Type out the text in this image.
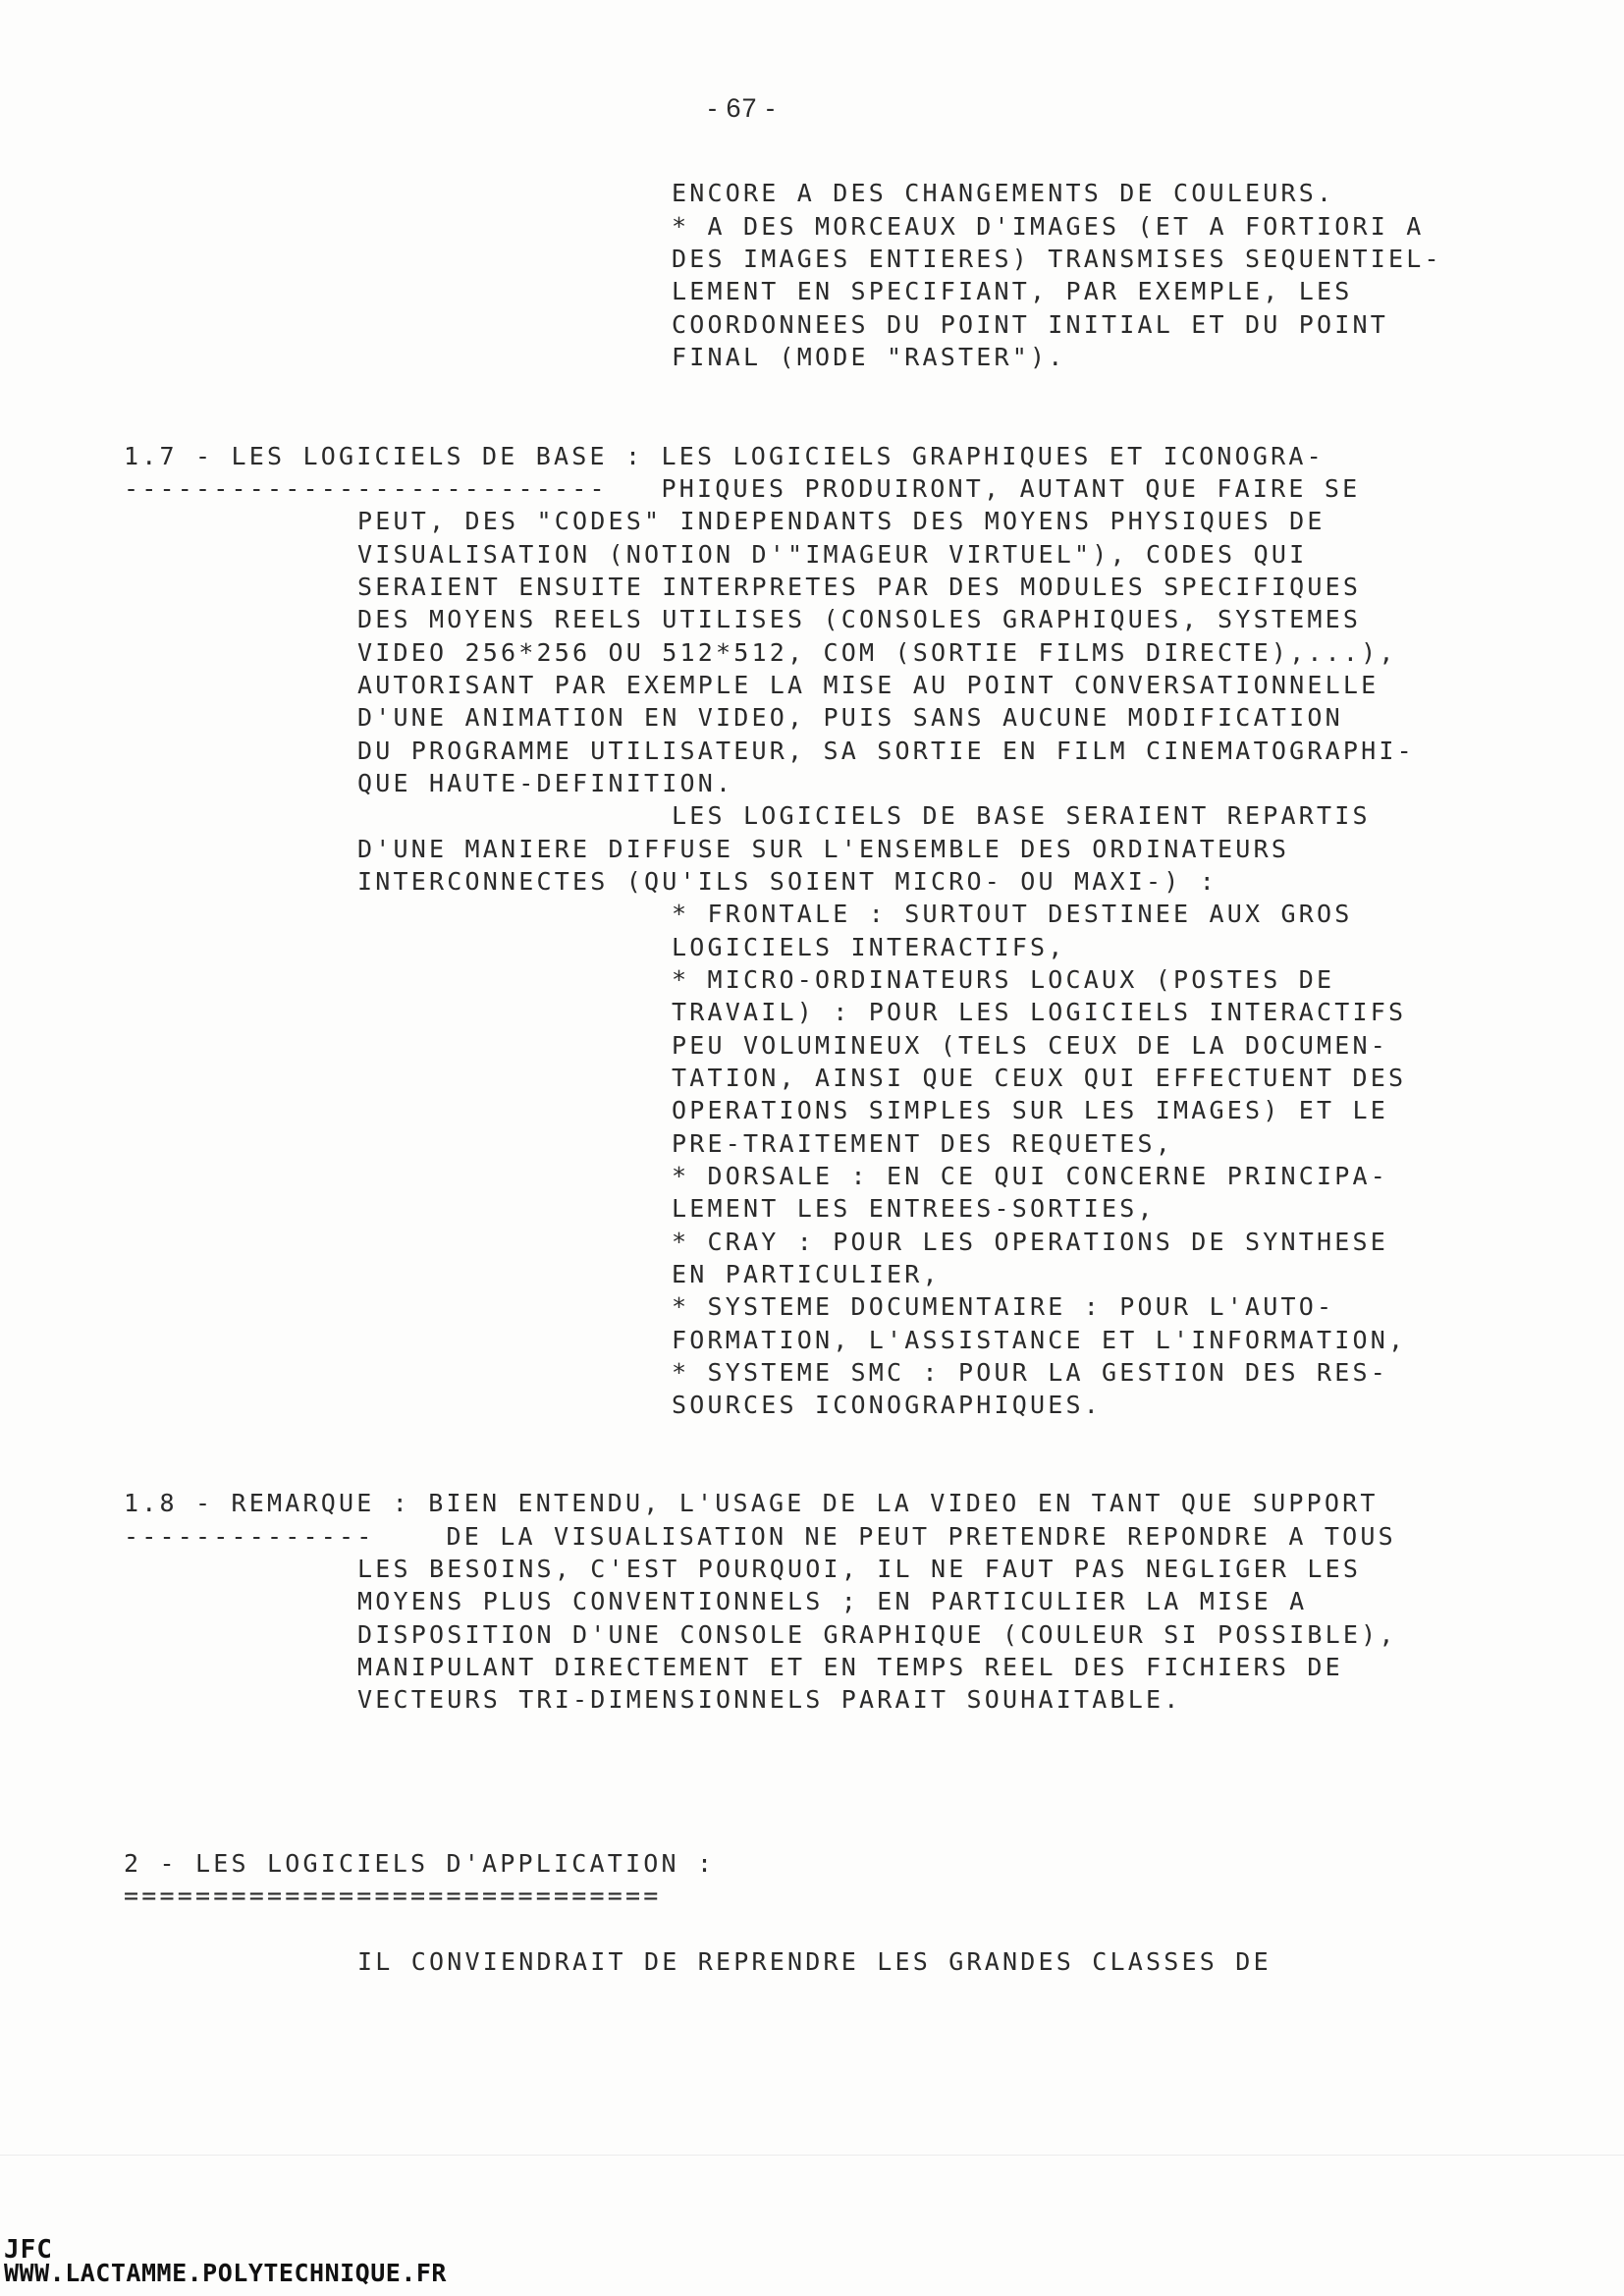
- 67 -
ENCORE A DES CHANGEMENTS DE COULEURS.
* A DES MORCEAUX D'IMAGES (ET A FORTIORI A
DES IMAGES ENTIERES) TRANSMISES SEQUENTIEL-
LEMENT EN SPECIFIANT, PAR EXEMPLE, LES
COORDONNEES DU POINT INITIAL ET DU POINT
FINAL (MODE "RASTER").
1.7 - LES LOGICIELS DE BASE : LES LOGICIELS GRAPHIQUES ET ICONOGRA-
---------------------------   PHIQUES PRODUIRONT, AUTANT QUE FAIRE SE
PEUT, DES "CODES" INDEPENDANTS DES MOYENS PHYSIQUES DE
VISUALISATION (NOTION D'"IMAGEUR VIRTUEL"), CODES QUI
SERAIENT ENSUITE INTERPRETES PAR DES MODULES SPECIFIQUES
DES MOYENS REELS UTILISES (CONSOLES GRAPHIQUES, SYSTEMES
VIDEO 256*256 OU 512*512, COM (SORTIE FILMS DIRECTE),...),
AUTORISANT PAR EXEMPLE LA MISE AU POINT CONVERSATIONNELLE
D'UNE ANIMATION EN VIDEO, PUIS SANS AUCUNE MODIFICATION
DU PROGRAMME UTILISATEUR, SA SORTIE EN FILM CINEMATOGRAPHI-
QUE HAUTE-DEFINITION.
LES LOGICIELS DE BASE SERAIENT REPARTIS
D'UNE MANIERE DIFFUSE SUR L'ENSEMBLE DES ORDINATEURS
INTERCONNECTES (QU'ILS SOIENT MICRO- OU MAXI-) :
* FRONTALE : SURTOUT DESTINEE AUX GROS
LOGICIELS INTERACTIFS,
* MICRO-ORDINATEURS LOCAUX (POSTES DE
TRAVAIL) : POUR LES LOGICIELS INTERACTIFS
PEU VOLUMINEUX (TELS CEUX DE LA DOCUMEN-
TATION, AINSI QUE CEUX QUI EFFECTUENT DES
OPERATIONS SIMPLES SUR LES IMAGES) ET LE
PRE-TRAITEMENT DES REQUETES,
* DORSALE : EN CE QUI CONCERNE PRINCIPA-
LEMENT LES ENTREES-SORTIES,
* CRAY : POUR LES OPERATIONS DE SYNTHESE
EN PARTICULIER,
* SYSTEME DOCUMENTAIRE : POUR L'AUTO-
FORMATION, L'ASSISTANCE ET L'INFORMATION,
* SYSTEME SMC : POUR LA GESTION DES RES-
SOURCES ICONOGRAPHIQUES.
1.8 - REMARQUE : BIEN ENTENDU, L'USAGE DE LA VIDEO EN TANT QUE SUPPORT
--------------    DE LA VISUALISATION NE PEUT PRETENDRE REPONDRE A TOUS
LES BESOINS, C'EST POURQUOI, IL NE FAUT PAS NEGLIGER LES
MOYENS PLUS CONVENTIONNELS ; EN PARTICULIER LA MISE A
DISPOSITION D'UNE CONSOLE GRAPHIQUE (COULEUR SI POSSIBLE),
MANIPULANT DIRECTEMENT ET EN TEMPS REEL DES FICHIERS DE
VECTEURS TRI-DIMENSIONNELS PARAIT SOUHAITABLE.
2 - LES LOGICIELS D'APPLICATION :
==============================
IL CONVIENDRAIT DE REPRENDRE LES GRANDES CLASSES DE
JFC
WWW.LACTAMME.POLYTECHNIQUE.FR
